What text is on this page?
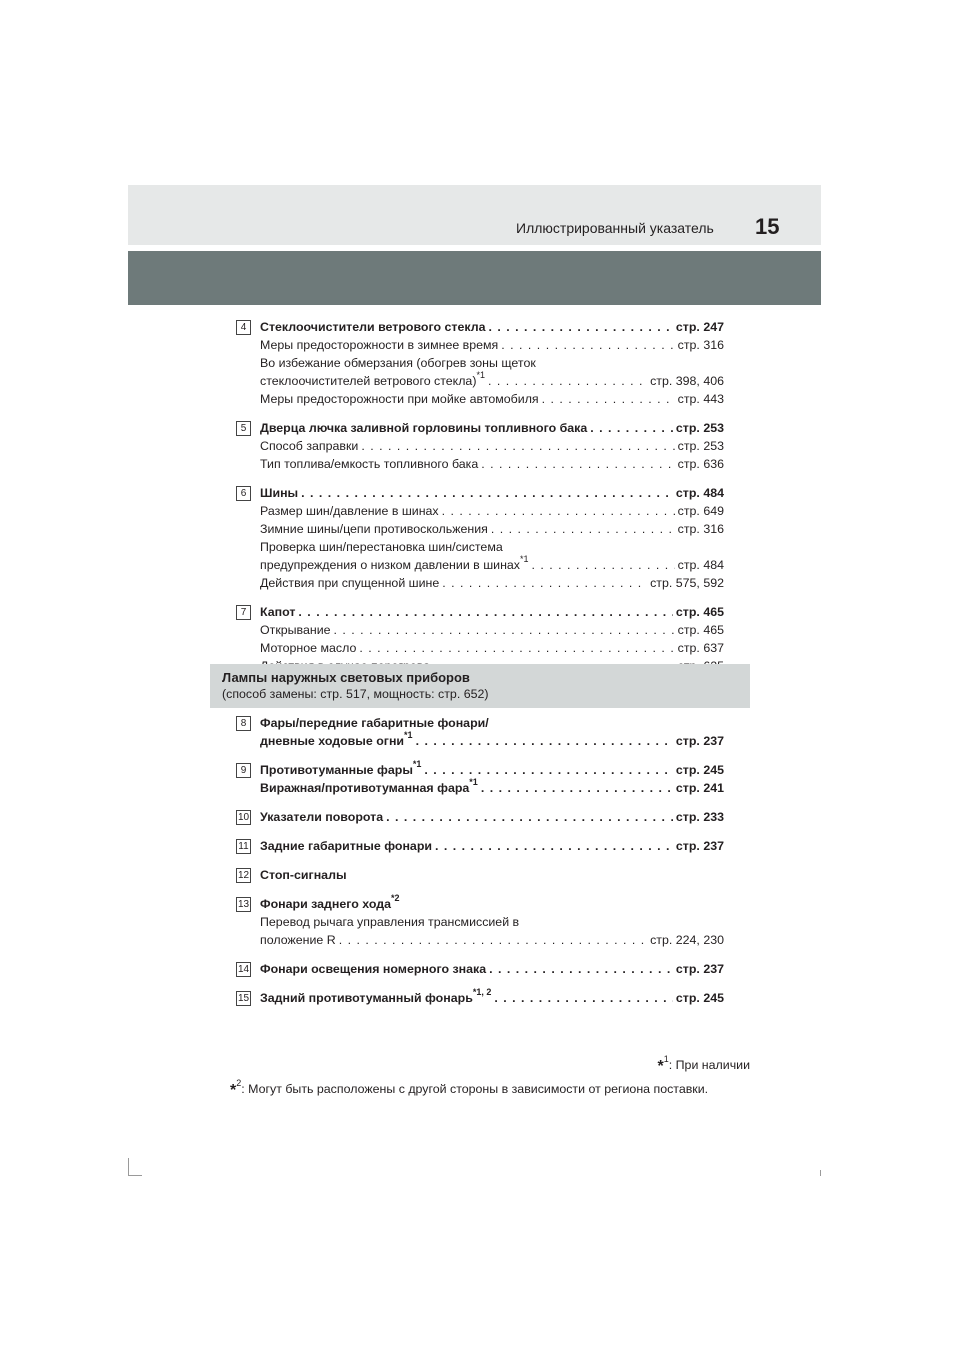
Иллюстрированный указатель 15
4	Стеклоочистители ветрового стекла . . .	стр. 247
Меры предосторожности в зимнее время . . .	стр. 316
Во избежание обмерзания (обогрев зоны щеток
стеклоочистителей ветрового стекла)$^{*1}$ . . .	стр. 398, 406
Меры предосторожности при мойке автомобиля . . .	стр. 443
5	Дверца лючка заливной горловины топливного бака . . .	стр. 253
Способ заправки . . .	стр. 253
Тип топлива/емкость топливного бака . . .	стр. 636
6	Шины . . .	стр. 484
Размер шин/давление в шинах . . .	стр. 649
Зимние шины/цепи противоскольжения . . .	стр. 316
Проверка шин/перестановка шин/система
предупреждения о низком давлении в шинах$^{*1}$ . . .	стр. 484
Действия при спущенной шине . . .	стр. 575, 592
7	Капот . . .	стр. 465
Открывание . . .	стр. 465
Моторное масло . . .	стр. 637
. . .
Лампы наружных световых приборов
(способ замены: стр. 517, мощность: стр. 652)
8	Фары/передние габаритные фонари/
дневные ходовые огни$^{*1}$ . . .	стр. 237
9	Противотуманные фары$^{*1}$ . . .	стр. 245
Виражная/противотуманная фара$^{*1}$ . . .	стр. 241
10 Указатели поворота . . .	стр. 233
11 Задние габаритные фонари . . .	стр. 237
12 Стоп-сигналы
13 Фонари заднего хода$^{*2}$
Перевод рычага управления трансмиссией в
положение R . . .	стр. 224, 230
14 Фонари освещения номерного знака . . .	стр. 237
15 Задний противотуманный фонарь$^{*1, 2}$ . . .	стр. 245
*$^1$: При наличии
*$^2$: Могут быть расположены с другой стороны в зависимости от региона поставки.
